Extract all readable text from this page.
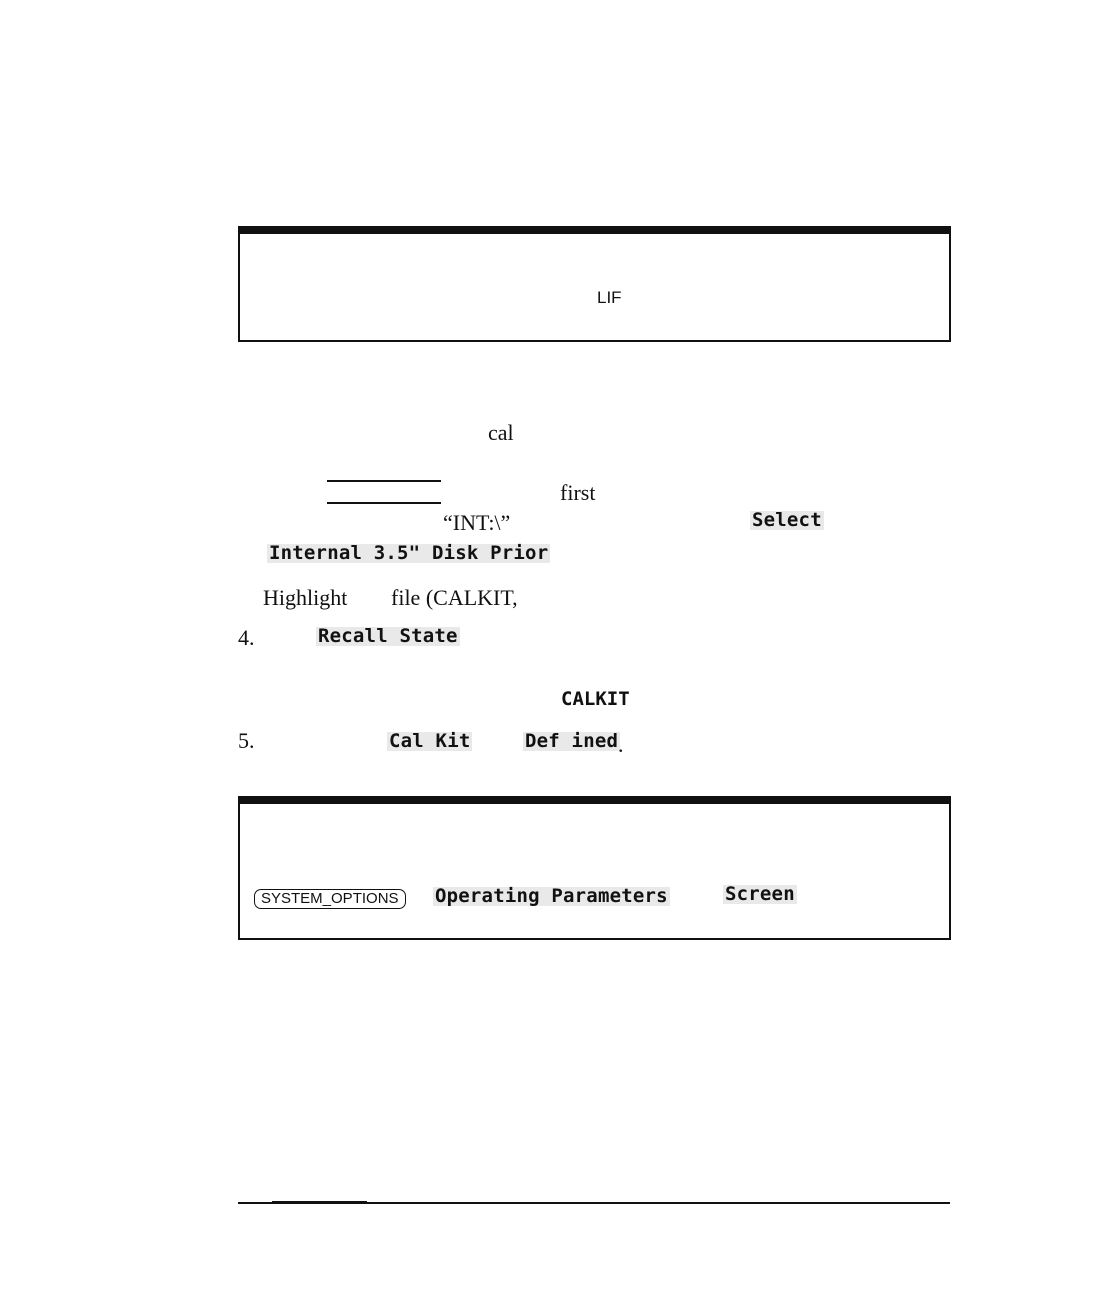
LIF
cal
first
“INT:\”	Select
Internal 3.5" Disk Prior
Highlight file (CALKIT,
4.	Recall State
CALKIT
5.	Cal Kit	Def ined .
SYSTEM_OPTIONS	Operating Parameters	Screen
